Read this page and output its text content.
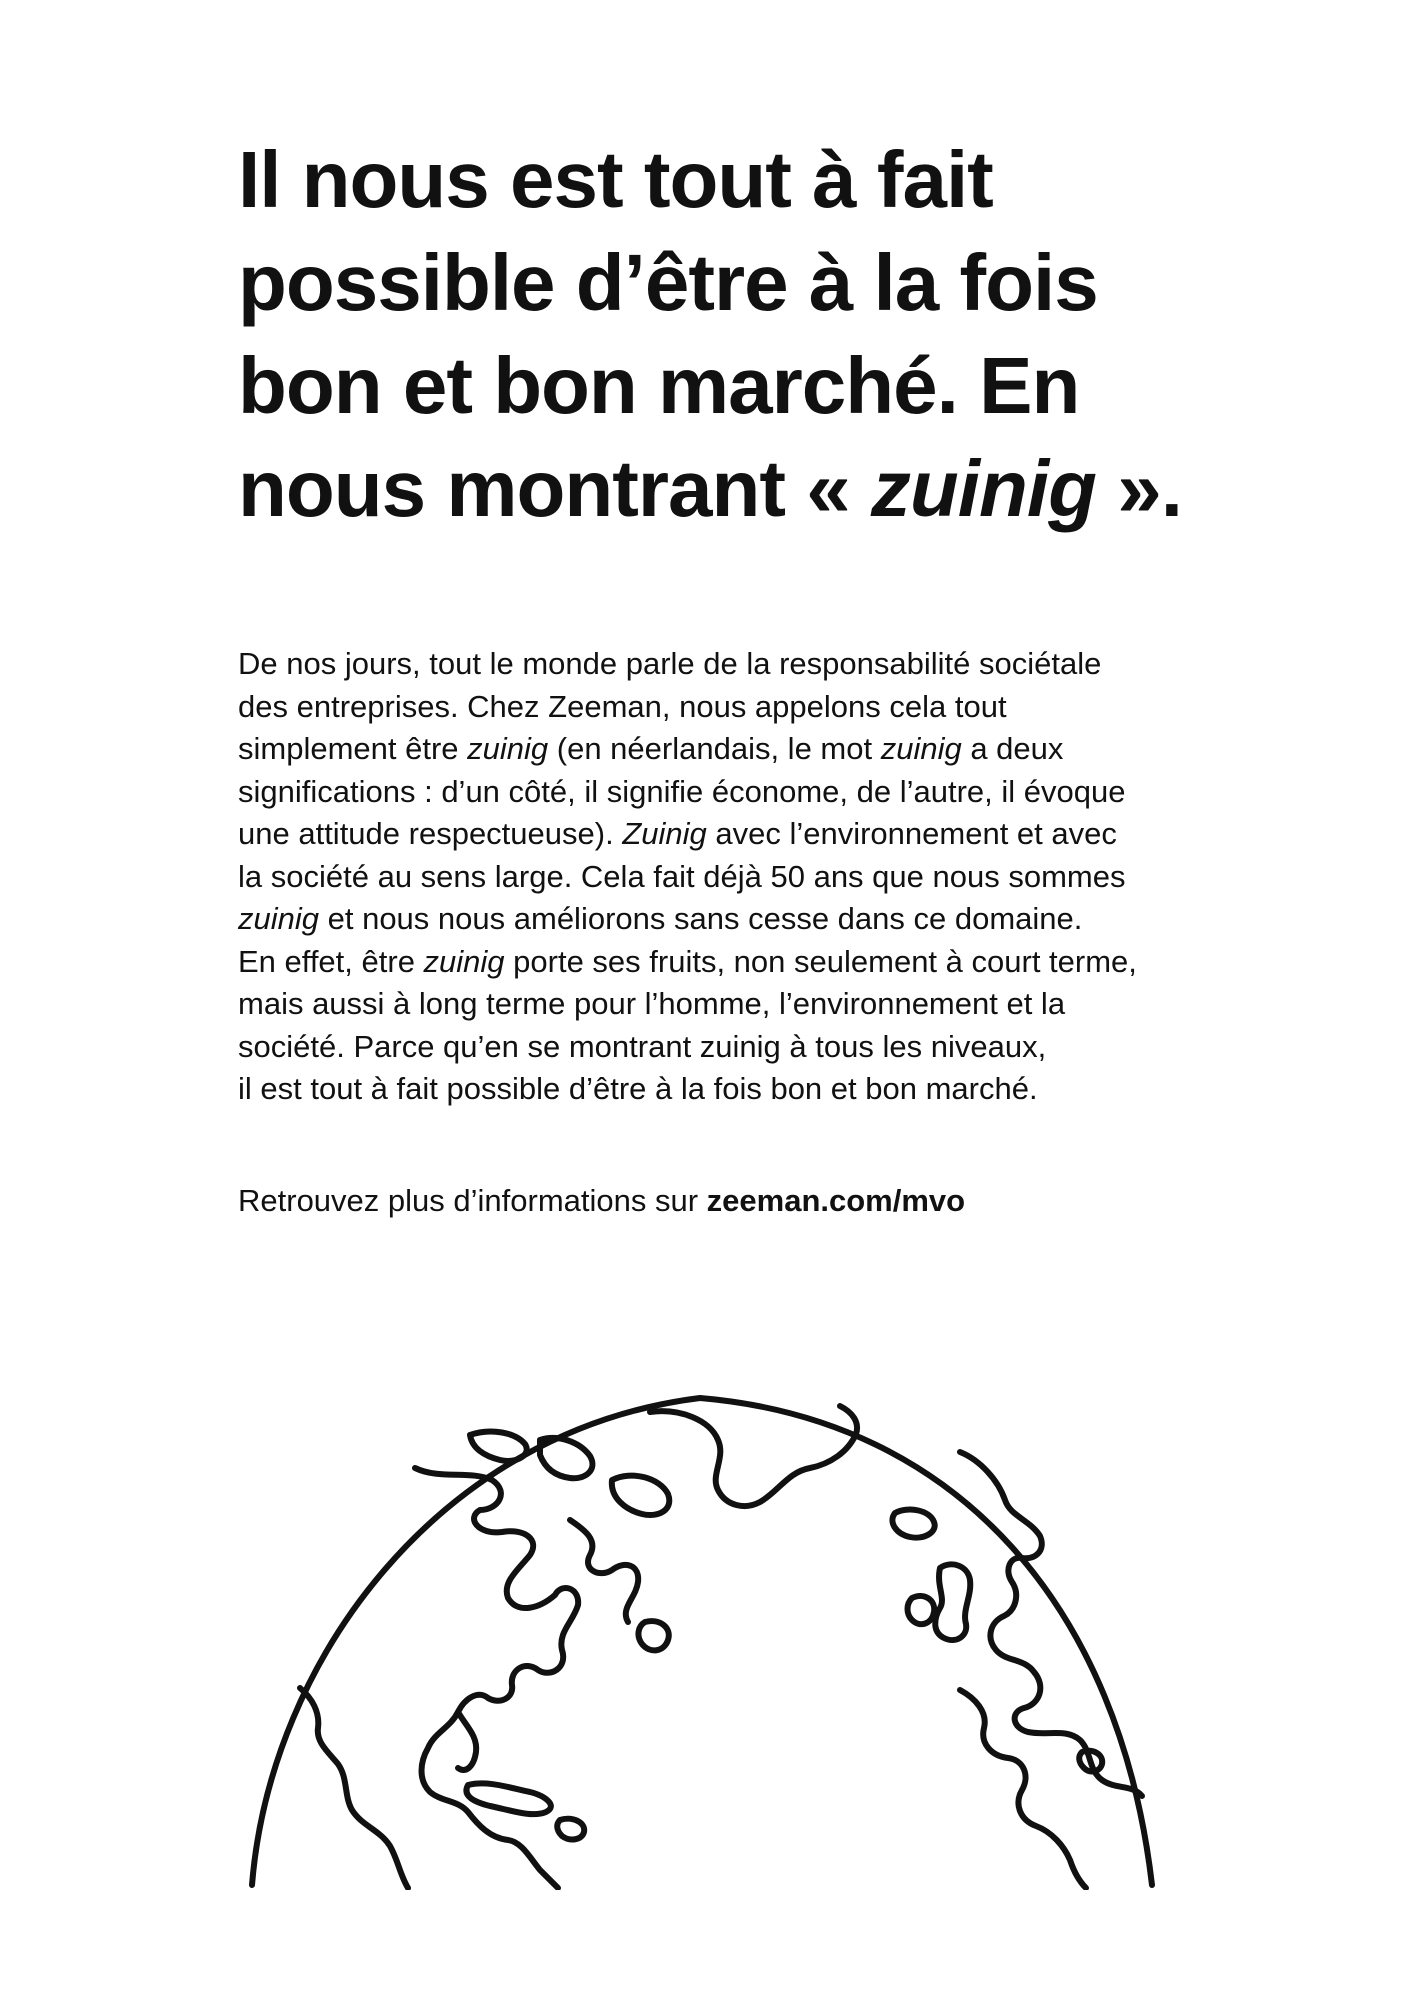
Il nous est tout à fait
possible d’être à la fois
bon et bon marché. En
nous montrant « zuinig ».

De nos jours, tout le monde parle de la responsabilité sociétale
des entreprises. Chez Zeeman, nous appelons cela tout
simplement être zuinig (en néerlandais, le mot zuinig a deux
significations : d’un côté, il signifie économe, de l’autre, il évoque
une attitude respectueuse). Zuinig avec l’environnement et avec
la société au sens large. Cela fait déjà 50 ans que nous sommes
zuinig et nous nous améliorons sans cesse dans ce domaine.
En effet, être zuinig porte ses fruits, non seulement à court terme,
mais aussi à long terme pour l’homme, l’environnement et la
société. Parce qu’en se montrant zuinig à tous les niveaux,
il est tout à fait possible d’être à la fois bon et bon marché.

Retrouvez plus d’informations sur zeeman.com/mvo
